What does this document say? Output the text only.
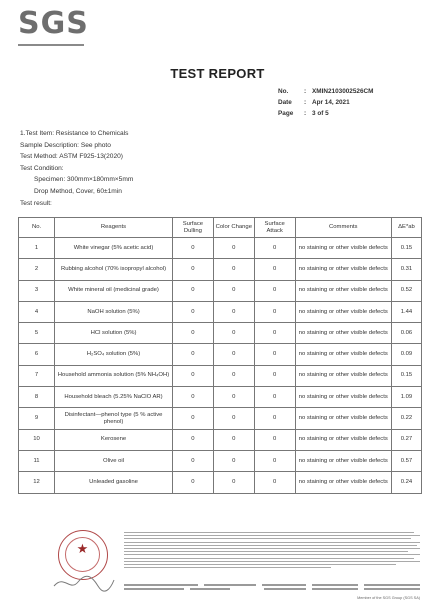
SGS
TEST REPORT
No. : XMIN2103002526CM
Date : Apr 14, 2021
Page : 3 of 5
1.Test Item: Resistance to Chemicals
Sample Description: See photo
Test Method: ASTM F925-13(2020)
Test Condition:
Specimen: 300mm×180mm×5mm
Drop Method, Cover, 60±1min
Test result:
No.	Reagents	Surface Dulling	Color Change	Surface Attack	Comments	ΔE*ab
1	White vinegar (5% acetic acid)	0	0	0	no staining or other visible defects	0.15
2	Rubbing alcohol (70% isopropyl alcohol)	0	0	0	no staining or other visible defects	0.31
3	White mineral oil (medicinal grade)	0	0	0	no staining or other visible defects	0.52
4	NaOH solution (5%)	0	0	0	no staining or other visible defects	1.44
5	HCl solution (5%)	0	0	0	no staining or other visible defects	0.06
6	H₂SO₄ solution (5%)	0	0	0	no staining or other visible defects	0.09
7	Household ammonia solution (5% NH₄OH)	0	0	0	no staining or other visible defects	0.15
8	Household bleach (5.25% NaClO AR)	0	0	0	no staining or other visible defects	1.09
9	Disinfectant—phenol type (5 % active phenol)	0	0	0	no staining or other visible defects	0.22
10	Kerosene	0	0	0	no staining or other visible defects	0.27
11	Olive oil	0	0	0	no staining or other visible defects	0.57
12	Unleaded gasoline	0	0	0	no staining or other visible defects	0.24
★
Member of the SGS Group (SGS SA)
